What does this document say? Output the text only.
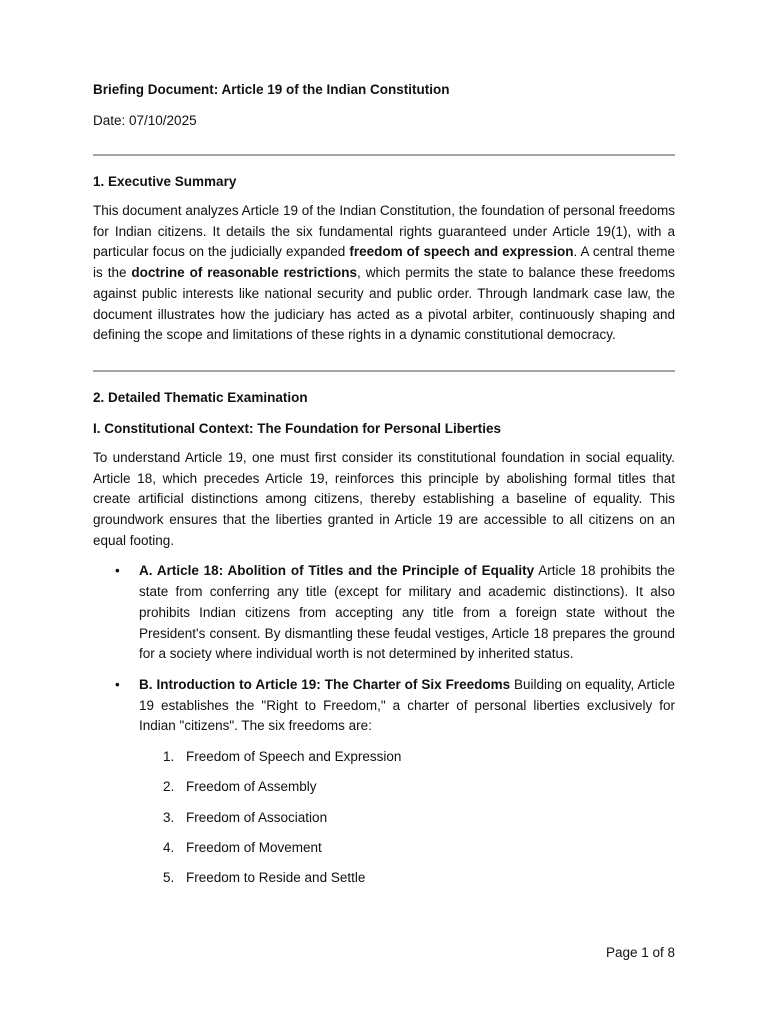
Briefing Document: Article 19 of the Indian Constitution

Date: 07/10/2025

1. Executive Summary

This document analyzes Article 19 of the Indian Constitution, the foundation of personal freedoms for Indian citizens. It details the six fundamental rights guaranteed under Article 19(1), with a particular focus on the judicially expanded freedom of speech and expression. A central theme is the doctrine of reasonable restrictions, which permits the state to balance these freedoms against public interests like national security and public order. Through landmark case law, the document illustrates how the judiciary has acted as a pivotal arbiter, continuously shaping and defining the scope and limitations of these rights in a dynamic constitutional democracy.

2. Detailed Thematic Examination
I. Constitutional Context: The Foundation for Personal Liberties

To understand Article 19, one must first consider its constitutional foundation in social equality. Article 18, which precedes Article 19, reinforces this principle by abolishing formal titles that create artificial distinctions among citizens, thereby establishing a baseline of equality. This groundwork ensures that the liberties granted in Article 19 are accessible to all citizens on an equal footing.

• A. Article 18: Abolition of Titles and the Principle of Equality Article 18 prohibits the state from conferring any title (except for military and academic distinctions). It also prohibits Indian citizens from accepting any title from a foreign state without the President's consent. By dismantling these feudal vestiges, Article 18 prepares the ground for a society where individual worth is not determined by inherited status.
• B. Introduction to Article 19: The Charter of Six Freedoms Building on equality, Article 19 establishes the "Right to Freedom," a charter of personal liberties exclusively for Indian "citizens". The six freedoms are:
1. Freedom of Speech and Expression
2. Freedom of Assembly
3. Freedom of Association
4. Freedom of Movement
5. Freedom to Reside and Settle
Page 1 of 8
